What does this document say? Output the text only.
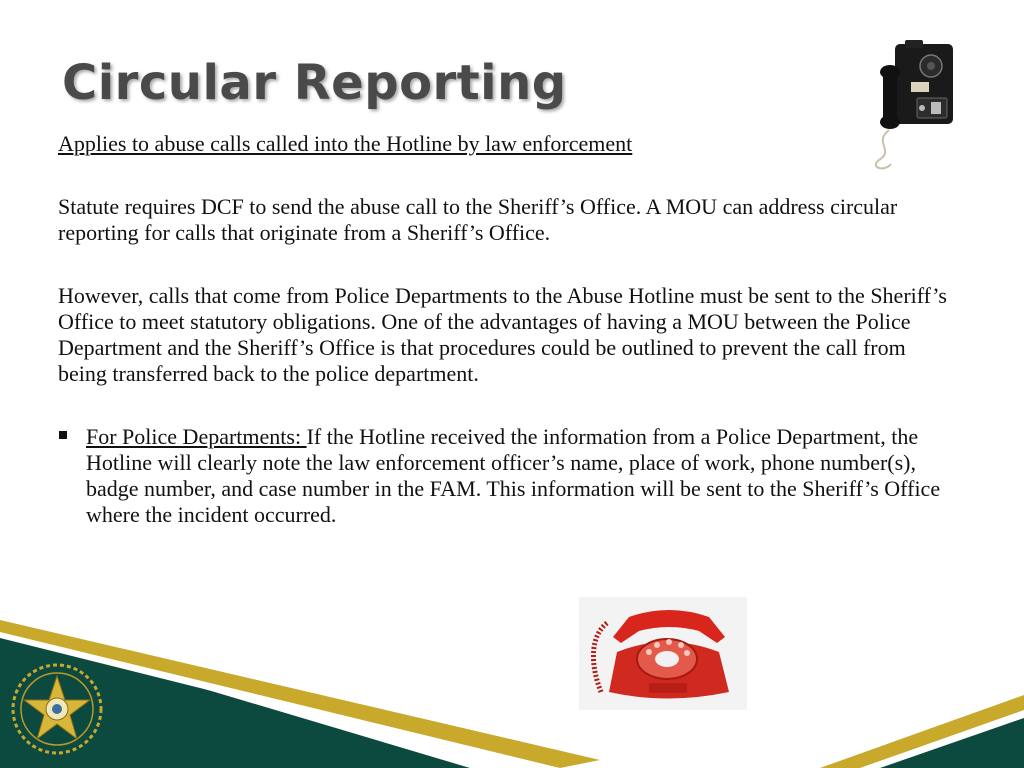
Circular Reporting

Applies to abuse calls called into the Hotline by law enforcement

Statute requires DCF to send the abuse call to the Sheriff’s Office. A MOU can address circular reporting for calls that originate from a Sheriff’s Office.

However, calls that come from Police Departments to the Abuse Hotline must be sent to the Sheriff’s Office to meet statutory obligations. One of the advantages of having a MOU between the Police Department and the Sheriff’s Office is that procedures could be outlined to prevent the call from being transferred back to the police department.

For Police Departments: If the Hotline received the information from a Police Department, the Hotline will clearly note the law enforcement officer’s name, place of work, phone number(s), badge number, and case number in the FAM. This information will be sent to the Sheriff’s Office where the incident occurred.
